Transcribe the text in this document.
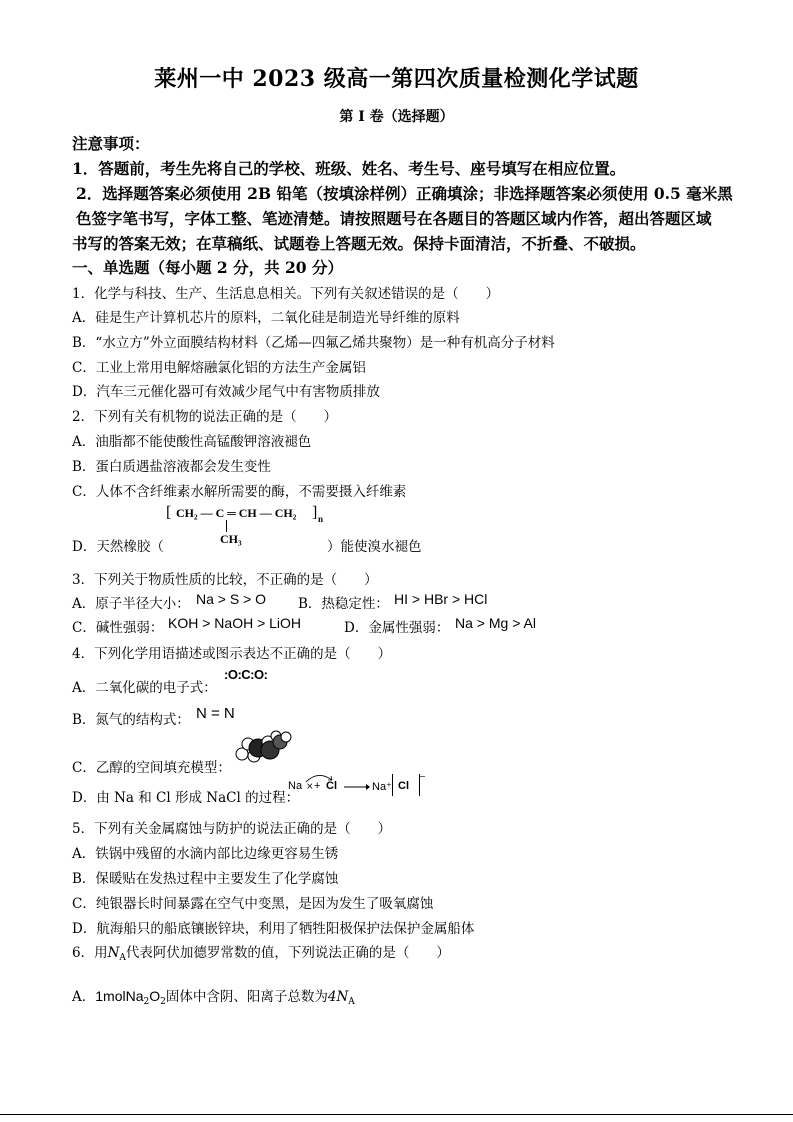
莱州一中 2023 级高一第四次质量检测化学试题
第 I 卷（选择题）
注意事项：
1．答题前，考生先将自己的学校、班级、姓名、考生号、座号填写在相应位置。
2．选择题答案必须使用 2B 铅笔（按填涂样例）正确填涂；非选择题答案必须使用 0.5 毫米黑
色签字笔书写，字体工整、笔迹清楚。请按照题号在各题目的答题区域内作答，超出答题区域
书写的答案无效；在草稿纸、试题卷上答题无效。保持卡面清洁，不折叠、不破损。
一、单选题（每小题 2 分，共 20 分）
1．化学与科技、生产、生活息息相关。下列有关叙述错误的是（　　）
A．硅是生产计算机芯片的原料，二氧化硅是制造光导纤维的原料
B．“水立方”外立面膜结构材料（乙烯—四氟乙烯共聚物）是一种有机高分子材料
C．工业上常用电解熔融氯化铝的方法生产金属铝
D．汽车三元催化器可有效减少尾气中有害物质排放
2．下列有关有机物的说法正确的是（　　）
A．油脂都不能使酸性高锰酸钾溶液褪色
B．蛋白质遇盐溶液都会发生变性
C．人体不含纤维素水解所需要的酶，不需要摄入纤维素
[ CH₂ — C ═ CH — CH₂ ] n
CH₃
D．天然橡胶（	）能使溴水褪色
3．下列关于物质性质的比较，不正确的是（　　）
A．原子半径大小： Na > S > O B．热稳定性： HI > HBr > HCl
C．碱性强弱： KOH > NaOH > LiOH	D．金属性强弱： Na > Mg > Al
4．下列化学用语描述或图示表达不正确的是（　　）
A．二氧化碳的电子式：
:O:C:O:
B．氮气的结构式： N = N
C．乙醇的空间填充模型：
D．由 Na 和 Cl 形成 NaCl 的过程：
Na × + Cl → Na⁺ Cl
−
5．下列有关金属腐蚀与防护的说法正确的是（　　）
A．铁锅中残留的水滴内部比边缘更容易生锈
B．保暖贴在发热过程中主要发生了化学腐蚀
C．纯银器长时间暴露在空气中变黑，是因为发生了吸氧腐蚀
D．航海船只的船底镶嵌锌块，利用了牺牲阳极保护法保护金属船体
6．用$N_A$代表阿伏加德罗常数的值，下列说法正确的是（　　）
A．$1molNa_2O_2$固体中含阴、阳离子总数为$4N_A$
